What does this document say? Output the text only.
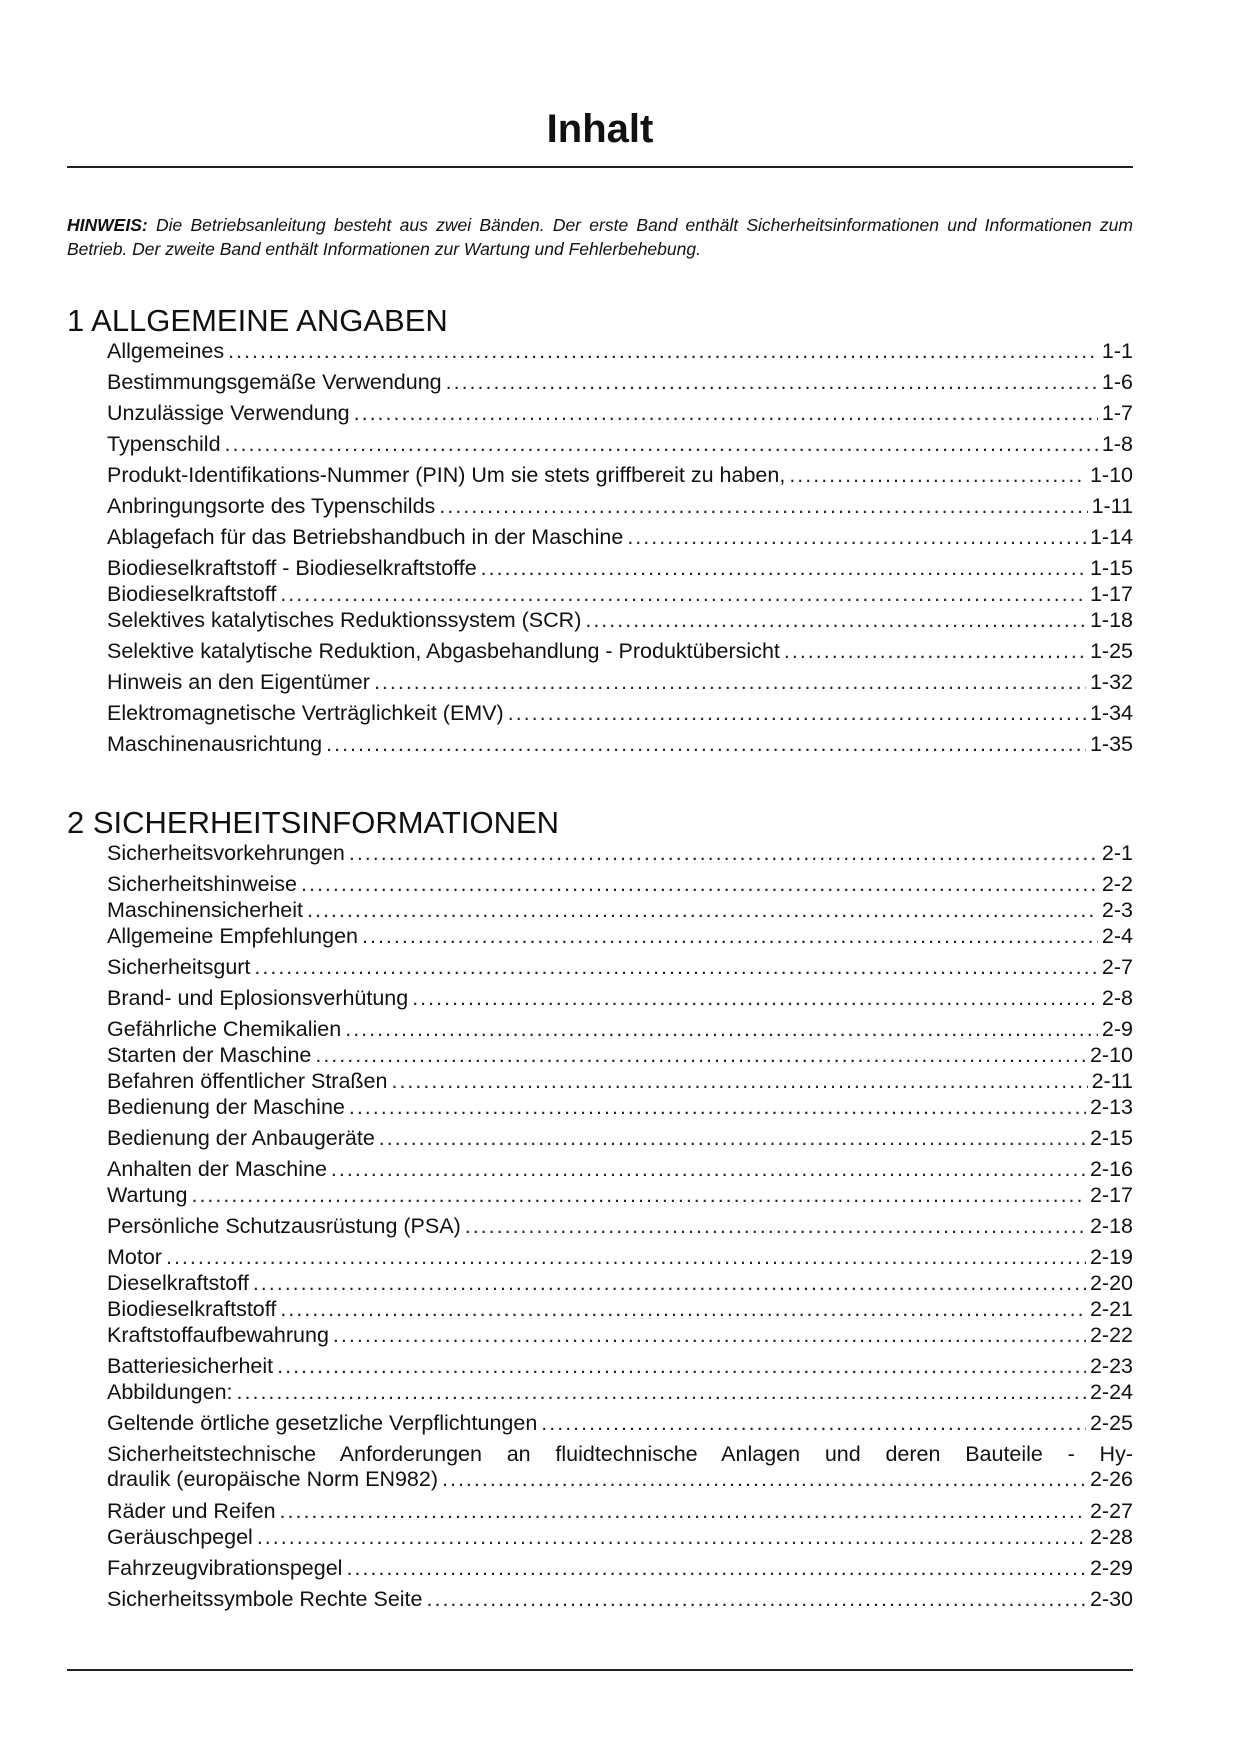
Inhalt

HINWEIS: Die Betriebsanleitung besteht aus zwei Bänden. Der erste Band enthält Sicherheitsinformationen und Informationen zum Betrieb. Der zweite Band enthält Informationen zur Wartung und Fehlerbehebung.

1 ALLGEMEINE ANGABEN
Allgemeines .....	1-1
Bestimmungsgemäße Verwendung .....	1-6
Unzulässige Verwendung .....	1-7
Typenschild .....	1-8
Produkt-Identifikations-Nummer (PIN) Um sie stets griffbereit zu haben, .....	1-10
Anbringungsorte des Typenschilds .....	1-11
Ablagefach für das Betriebshandbuch in der Maschine .....	1-14
Biodieselkraftstoff - Biodieselkraftstoffe .....	1-15
Biodieselkraftstoff .....	1-17
Selektives katalytisches Reduktionssystem (SCR) .....	1-18
Selektive katalytische Reduktion, Abgasbehandlung - Produktübersicht .....	1-25
Hinweis an den Eigentümer .....	1-32
Elektromagnetische Verträglichkeit (EMV) .....	1-34
Maschinenausrichtung .....	1-35
2 SICHERHEITSINFORMATIONEN
Sicherheitsvorkehrungen .....	2-1
Sicherheitshinweise .....	2-2
Maschinensicherheit .....	2-3
Allgemeine Empfehlungen .....	2-4
Sicherheitsgurt .....	2-7
Brand- und Eplosionsverhütung .....	2-8
Gefährliche Chemikalien .....	2-9
Starten der Maschine .....	2-10
Befahren öffentlicher Straßen .....	2-11
Bedienung der Maschine .....	2-13
Bedienung der Anbaugeräte .....	2-15
Anhalten der Maschine .....	2-16
Wartung .....	2-17
Persönliche Schutzausrüstung (PSA) .....	2-18
Motor .....	2-19
Dieselkraftstoff .....	2-20
Biodieselkraftstoff .....	2-21
Kraftstoffaufbewahrung .....	2-22
Batteriesicherheit .....	2-23
Abbildungen: .....	2-24
Geltende örtliche gesetzliche Verpflichtungen .....	2-25
Sicherheitstechnische Anforderungen an fluidtechnische Anlagen und deren Bauteile - Hy-
draulik (europäische Norm EN982) .....	2-26
Räder und Reifen .....	2-27
Geräuschpegel .....	2-28
Fahrzeugvibrationspegel .....	2-29
Sicherheitssymbole Rechte Seite .....	2-30
